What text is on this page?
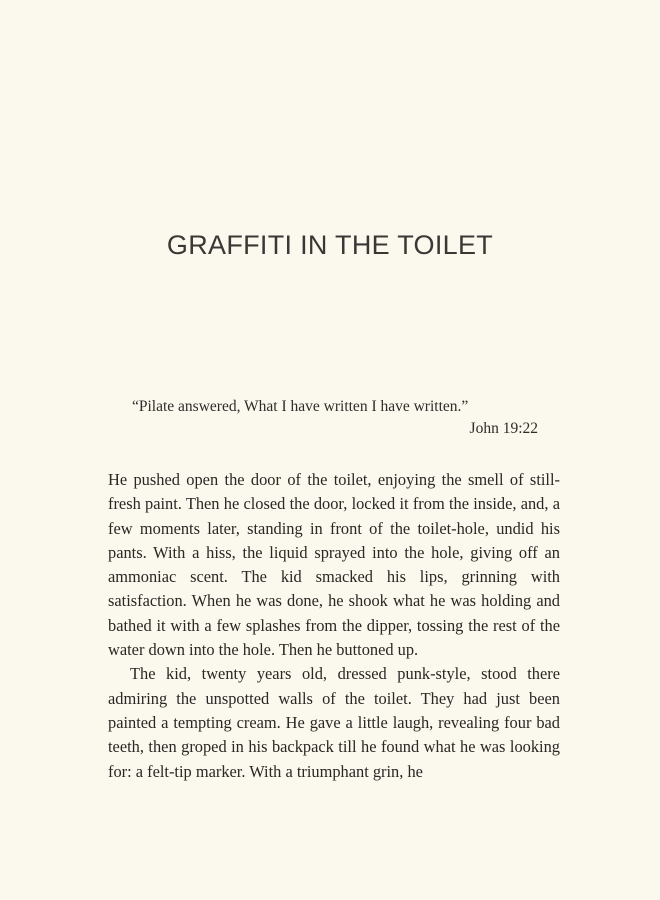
GRAFFITI IN THE TOILET
“Pilate answered, What I have written I have written.”
John 19:22

He pushed open the door of the toilet, enjoying the smell of still-fresh paint. Then he closed the door, locked it from the inside, and, a few moments later, standing in front of the toilet-hole, undid his pants. With a hiss, the liquid sprayed into the hole, giving off an ammoniac scent. The kid smacked his lips, grinning with satisfaction. When he was done, he shook what he was holding and bathed it with a few splashes from the dipper, tossing the rest of the water down into the hole. Then he buttoned up.

The kid, twenty years old, dressed punk-style, stood there admiring the unspotted walls of the toilet. They had just been painted a tempting cream. He gave a little laugh, revealing four bad teeth, then groped in his backpack till he found what he was looking for: a felt-tip marker. With a triumphant grin, he
